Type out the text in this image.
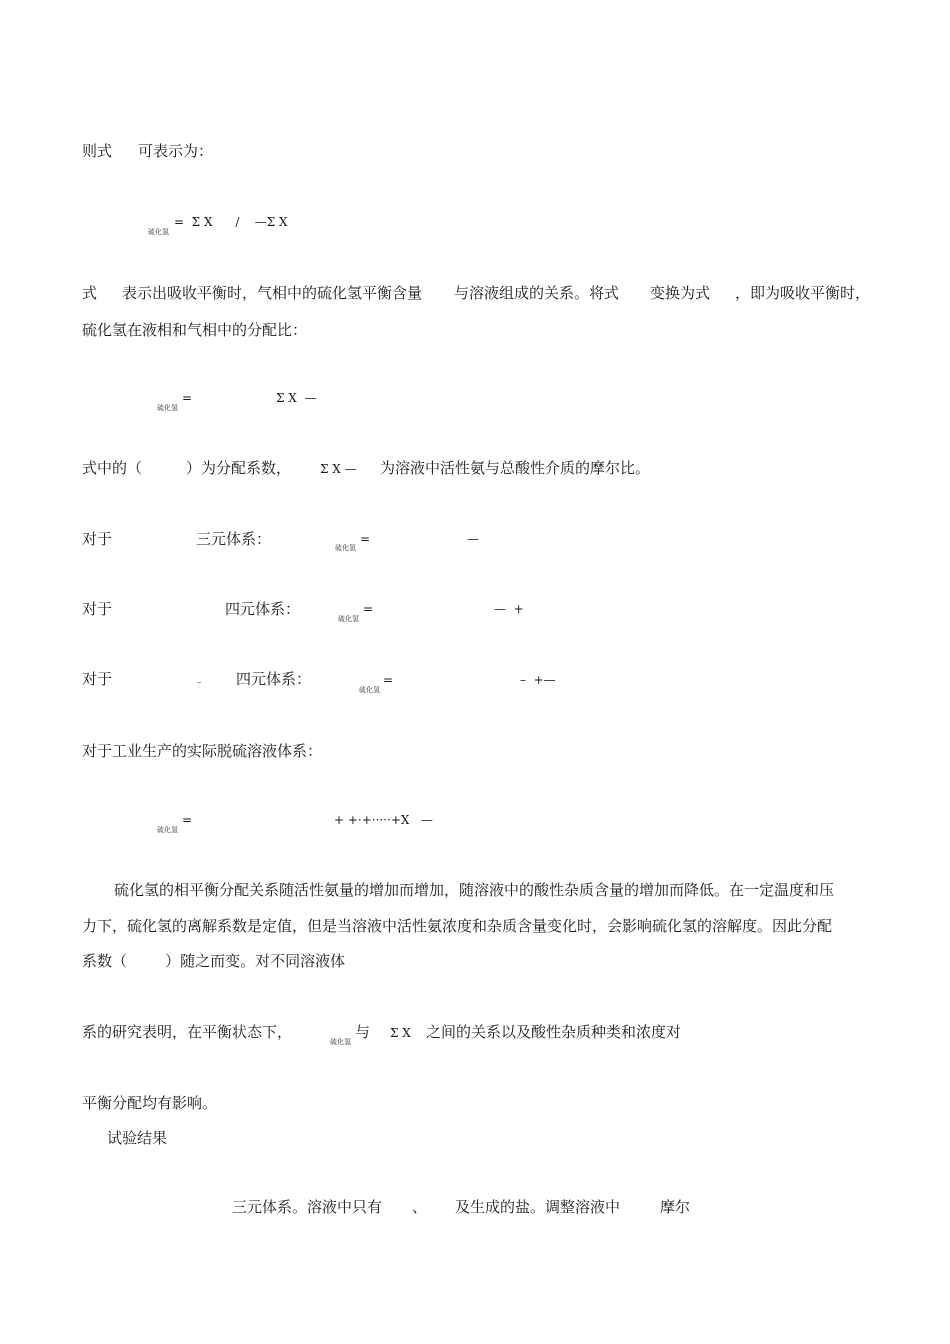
则式 可表示为：
硫化氢
=  Σ X      /    —Σ X
式 表示出吸收平衡时，气相中的硫化氢平衡含量 与溶液组成的关系。将式 变换为式 ，即为吸收平衡时，
硫化氢在液相和气相中的分配比：
硫化氢
=	Σ X  —
式中的（	）为分配系数， Σ X — 为溶液中活性氨与总酸性介质的摩尔比。
对于	三元体系：	硫化氢
=	—
对于	四元体系：
硫化氢
=	—  +
对于	– 四元体系：
硫化氢
=	–  +—
对于工业生产的实际脱硫溶液体系：
硫化氢
=	+ +·+·····+X   —
硫化氢的相平衡分配关系随活性氨量的增加而增加，随溶液中的酸性杂质含量的增加而降低。在一定温度和压
力下，硫化氢的离解系数是定值，但是当溶液中活性氨浓度和杂质含量变化时，会影响硫化氢的溶解度。因此分配
系数（        ）随之而变。对不同溶液体
系的研究表明，在平衡状态下，
硫化氢
与 Σ X 之间的关系以及酸性杂质种类和浓度对
平衡分配均有影响。
试验结果
三元体系。溶液中只有 、 及生成的盐。调整溶液中	摩尔
